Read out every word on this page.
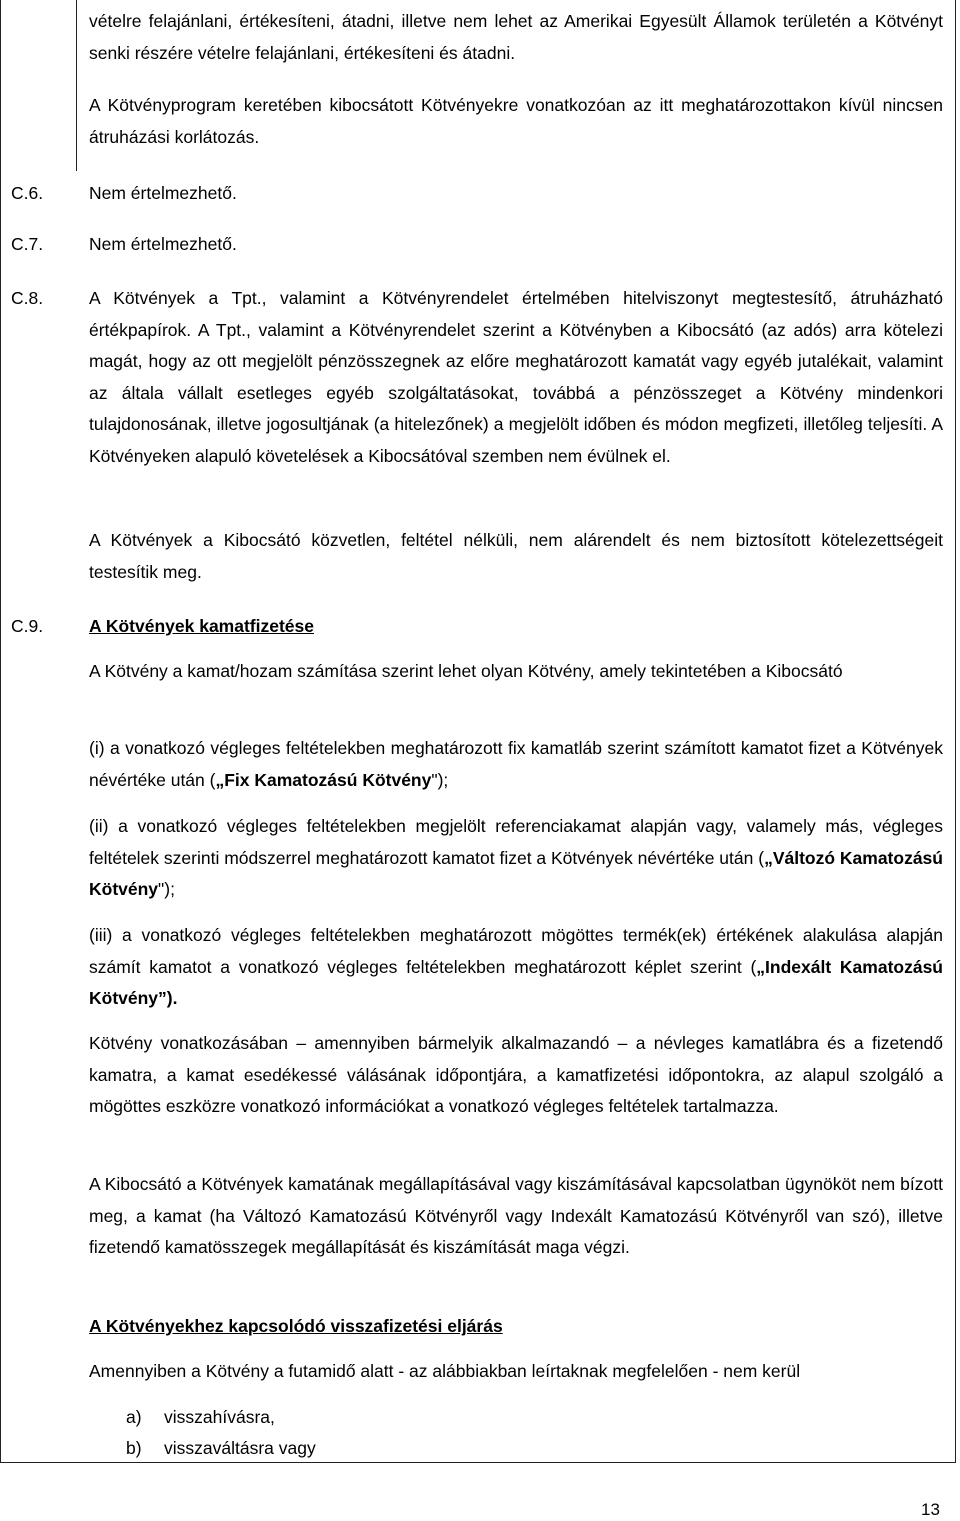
vételre felajánlani, értékesíteni, átadni, illetve nem lehet az Amerikai Egyesült Államok területén a Kötvényt senki részére vételre felajánlani, értékesíteni és átadni.

A Kötvényprogram keretében kibocsátott Kötvényekre vonatkozóan az itt meghatározottakon kívül nincsen átruházási korlátozás.

C.6.	Nem értelmezhető.
C.7.	Nem értelmezhető.
C.8.	A Kötvények a Tpt., valamint a Kötvényrendelet értelmében hitelviszonyt megtestesítő, átruházható értékpapírok. A Tpt., valamint a Kötvényrendelet szerint a Kötvényben a Kibocsátó (az adós) arra kötelezi magát, hogy az ott megjelölt pénzösszegnek az előre meghatározott kamatát vagy egyéb jutalékait, valamint az általa vállalt esetleges egyéb szolgáltatásokat, továbbá a pénzösszeget a Kötvény mindenkori tulajdonosának, illetve jogosultjának (a hitelezőnek) a megjelölt időben és módon megfizeti, illetőleg teljesíti. A Kötvényeken alapuló követelések a Kibocsátóval szemben nem évülnek el.

A Kötvények a Kibocsátó közvetlen, feltétel nélküli, nem alárendelt és nem biztosított kötelezettségeit testesítik meg.

C.9.	A Kötvények kamatfizetése

A Kötvény a kamat/hozam számítása szerint lehet olyan Kötvény, amely tekintetében a Kibocsátó

(i) a vonatkozó végleges feltételekben meghatározott fix kamatláb szerint számított kamatot fizet a Kötvények névértéke után („Fix Kamatozású Kötvény");

(ii) a vonatkozó végleges feltételekben megjelölt referenciakamat alapján vagy, valamely más, végleges feltételek szerinti módszerrel meghatározott kamatot fizet a Kötvények névértéke után („Változó Kamatozású Kötvény");

(iii) a vonatkozó végleges feltételekben meghatározott mögöttes termék(ek) értékének alakulása alapján számít kamatot a vonatkozó végleges feltételekben meghatározott képlet szerint („Indexált Kamatozású Kötvény”).

Kötvény vonatkozásában ‒ amennyiben bármelyik alkalmazandó ‒ a névleges kamatlábra és a fizetendő kamatra, a kamat esedékessé válásának időpontjára, a kamatfizetési időpontokra, az alapul szolgáló a mögöttes eszközre vonatkozó információkat a vonatkozó végleges feltételek tartalmazza.

A Kibocsátó a Kötvények kamatának megállapításával vagy kiszámításával kapcsolatban ügynököt nem bízott meg, a kamat (ha Változó Kamatozású Kötvényről vagy Indexált Kamatozású Kötvényről van szó), illetve fizetendő kamatösszegek megállapítását és kiszámítását maga végzi.

A Kötvényekhez kapcsolódó visszafizetési eljárás

Amennyiben a Kötvény a futamidő alatt - az alábbiakban leírtaknak megfelelően - nem kerül

a) visszahívásra,
b) visszaváltásra vagy
13
